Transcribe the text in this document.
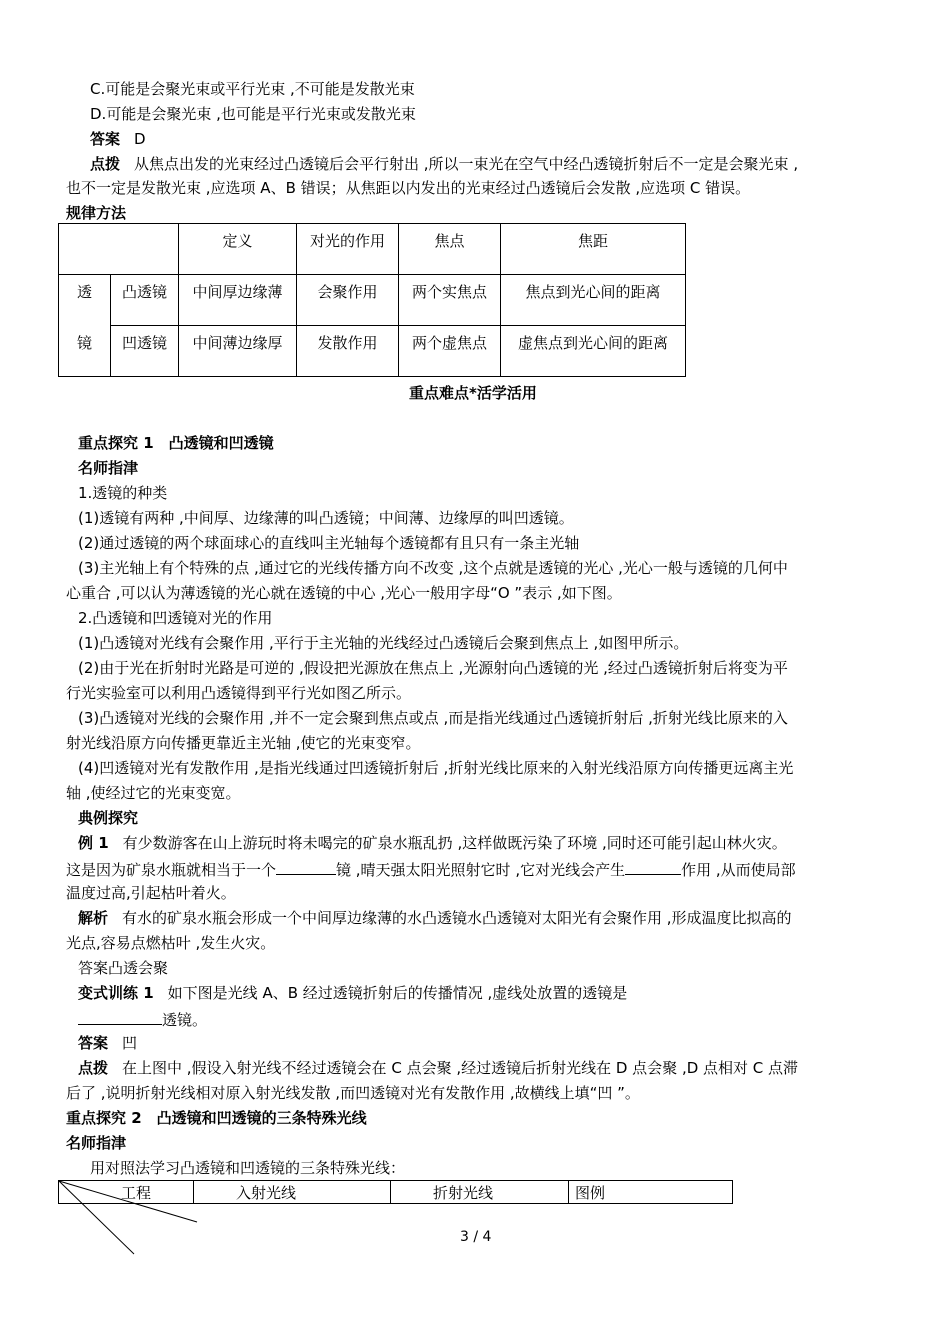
C.可能是会聚光束或平行光束 ,不可能是发散光束
D.可能是会聚光束 ,也可能是平行光束或发散光束
答案 D
点拨 从焦点出发的光束经过凸透镜后会平行射出 ,所以一束光在空气中经凸透镜折射后不一定是会聚光束 ,
也不一定是发散光束 ,应选项 A、B 错误；从焦距以内发出的光束经过凸透镜后会发散 ,应选项 C 错误。
规律方法
		定义	对光的作用	焦点	焦距
透	凸透镜	中间厚边缘薄	会聚作用	两个实焦点	焦点到光心间的距离
镜	凹透镜	中间薄边缘厚	发散作用	两个虚焦点	虚焦点到光心间的距离
重点难点*活学活用
重点探究 1　凸透镜和凹透镜
名师指津
1.透镜的种类
(1)透镜有两种 ,中间厚、边缘薄的叫凸透镜；中间薄、边缘厚的叫凹透镜。
(2)通过透镜的两个球面球心的直线叫主光轴每个透镜都有且只有一条主光轴
(3)主光轴上有个特殊的点 ,通过它的光线传播方向不改变 ,这个点就是透镜的光心 ,光心一般与透镜的几何中
心重合 ,可以认为薄透镜的光心就在透镜的中心 ,光心一般用字母“O ”表示 ,如下图。
2.凸透镜和凹透镜对光的作用
(1)凸透镜对光线有会聚作用 ,平行于主光轴的光线经过凸透镜后会聚到焦点上 ,如图甲所示。
(2)由于光在折射时光路是可逆的 ,假设把光源放在焦点上 ,光源射向凸透镜的光 ,经过凸透镜折射后将变为平
行光实验室可以利用凸透镜得到平行光如图乙所示。
(3)凸透镜对光线的会聚作用 ,并不一定会聚到焦点或点 ,而是指光线通过凸透镜折射后 ,折射光线比原来的入
射光线沿原方向传播更靠近主光轴 ,使它的光束变窄。
(4)凹透镜对光有发散作用 ,是指光线通过凹透镜折射后 ,折射光线比原来的入射光线沿原方向传播更远离主光
轴 ,使经过它的光束变宽。
典例探究
例 1 有少数游客在山上游玩时将未喝完的矿泉水瓶乱扔 ,这样做既污染了环境 ,同时还可能引起山林火灾。
这是因为矿泉水瓶就相当于一个	镜 ,晴天强太阳光照射它时 ,它对光线会产生	作用 ,从而使局部
温度过高,引起枯叶着火。
解析 有水的矿泉水瓶会形成一个中间厚边缘薄的水凸透镜水凸透镜对太阳光有会聚作用 ,形成温度比拟高的
光点,容易点燃枯叶 ,发生火灾。
答案凸透会聚
变式训练 1 如下图是光线 A、B 经过透镜折射后的传播情况 ,虚线处放置的透镜是
透镜。
答案 凹
点拨 在上图中 ,假设入射光线不经过透镜会在 C 点会聚 ,经过透镜后折射光线在 D 点会聚 ,D 点相对 C 点滞
后了 ,说明折射光线相对原入射光线发散 ,而凹透镜对光有发散作用 ,故横线上填“凹 ”。
重点探究 2　凸透镜和凹透镜的三条特殊光线
名师指津
用对照法学习凸透镜和凹透镜的三条特殊光线：
工程	入射光线	折射光线	图例
3 / 4
